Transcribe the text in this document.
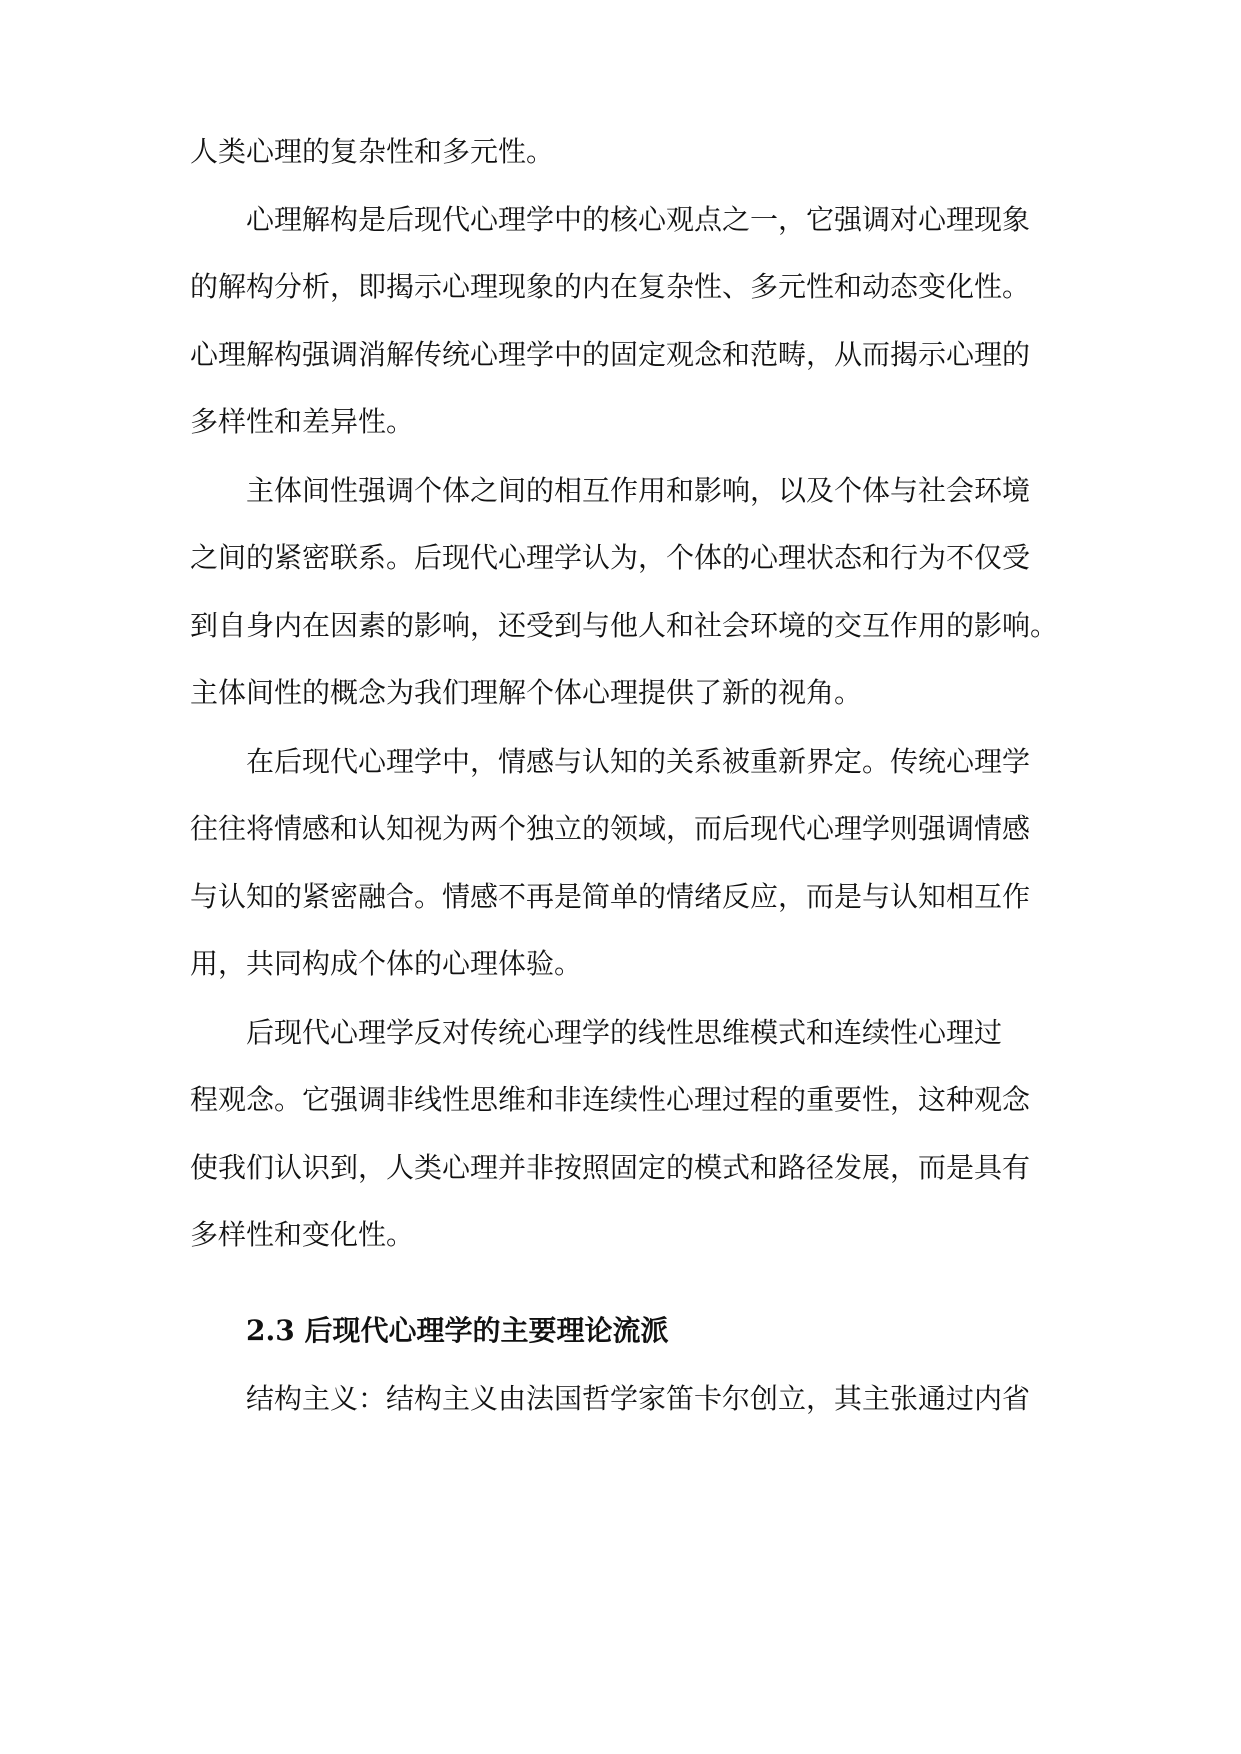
人类心理的复杂性和多元性。
心理解构是后现代心理学中的核心观点之一，它强调对心理现象
的解构分析，即揭示心理现象的内在复杂性、多元性和动态变化性。
心理解构强调消解传统心理学中的固定观念和范畴，从而揭示心理的
多样性和差异性。
主体间性强调个体之间的相互作用和影响，以及个体与社会环境
之间的紧密联系。后现代心理学认为，个体的心理状态和行为不仅受
到自身内在因素的影响，还受到与他人和社会环境的交互作用的影响。
主体间性的概念为我们理解个体心理提供了新的视角。
在后现代心理学中，情感与认知的关系被重新界定。传统心理学
往往将情感和认知视为两个独立的领域，而后现代心理学则强调情感
与认知的紧密融合。情感不再是简单的情绪反应，而是与认知相互作
用，共同构成个体的心理体验。
后现代心理学反对传统心理学的线性思维模式和连续性心理过
程观念。它强调非线性思维和非连续性心理过程的重要性，这种观念
使我们认识到，人类心理并非按照固定的模式和路径发展，而是具有
多样性和变化性。
2.3 后现代心理学的主要理论流派
结构主义：结构主义由法国哲学家笛卡尔创立，其主张通过内省
